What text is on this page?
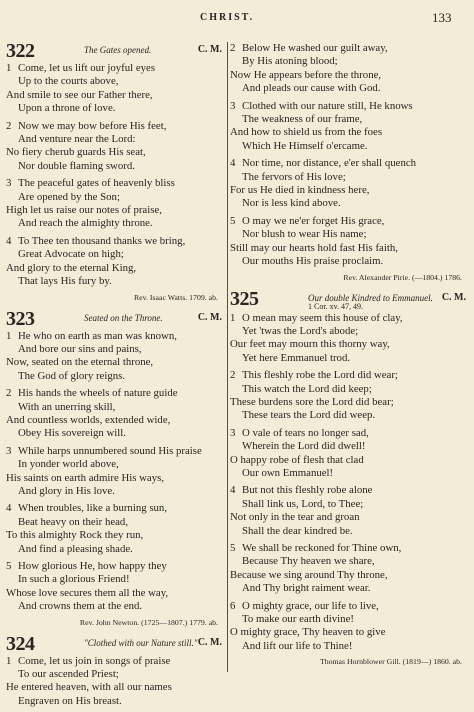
CHRIST.	133
322	The Gates opened.	C. M.
1 Come, let us lift our joyful eyes
Up to the courts above,
And smile to see our Father there,
Upon a throne of love.
2 Now we may bow before His feet,
And venture near the Lord:
No fiery cherub guards His seat,
Nor double flaming sword.
3 The peaceful gates of heavenly bliss
Are opened by the Son;
High let us raise our notes of praise,
And reach the almighty throne.
4 To Thee ten thousand thanks we bring,
Great Advocate on high;
And glory to the eternal King,
That lays His fury by.
Rev. Isaac Watts. 1709. ab.
323	Seated on the Throne.	C. M.
1 He who on earth as man was known,
And bore our sins and pains,
Now, seated on the eternal throne,
The God of glory reigns.
2 His hands the wheels of nature guide
With an unerring skill,
And countless worlds, extended wide,
Obey His sovereign will.
3 While harps unnumbered sound His praise
In yonder world above,
His saints on earth admire His ways,
And glory in His love.
4 When troubles, like a burning sun,
Beat heavy on their head,
To this almighty Rock they run,
And find a pleasing shade.
5 How glorious He, how happy they
In such a glorious Friend!
Whose love secures them all the way,
And crowns them at the end.
Rev. John Newton. (1725—1807.) 1779. ab.
324	"Clothed with our Nature still." C. M.
1 Come, let us join in songs of praise
To our ascended Priest;
He entered heaven, with all our names
Engraven on His breast.
2 Below He washed our guilt away,
By His atoning blood;
Now He appears before the throne,
And pleads our cause with God.
3 Clothed with our nature still, He knows
The weakness of our frame,
And how to shield us from the foes
Which He Himself o'ercame.
4 Nor time, nor distance, e'er shall quench
The fervors of His love;
For us He died in kindness here,
Nor is less kind above.
5 O may we ne'er forget His grace,
Nor blush to wear His name;
Still may our hearts hold fast His faith,
Our mouths His praise proclaim.
Rev. Alexander Pirie. (—1804.) 1786.
325	Our double Kindred to Emmanuel. C. M.
1 Cor. xv. 47, 49.
1 O mean may seem this house of clay,
Yet 'twas the Lord's abode;
Our feet may mourn this thorny way,
Yet here Emmanuel trod.
2 This fleshly robe the Lord did wear;
This watch the Lord did keep;
These burdens sore the Lord did bear;
These tears the Lord did weep.
3 O vale of tears no longer sad,
Wherein the Lord did dwell!
O happy robe of flesh that clad
Our own Emmanuel!
4 But not this fleshly robe alone
Shall link us, Lord, to Thee;
Not only in the tear and groan
Shall the dear kindred be.
5 We shall be reckoned for Thine own,
Because Thy heaven we share,
Because we sing around Thy throne,
And Thy bright raiment wear.
6 O mighty grace, our life to live,
To make our earth divine!
O mighty grace, Thy heaven to give
And lift our life to Thine!
Thomas Hornblower Gill. (1819—) 1860. ab.
